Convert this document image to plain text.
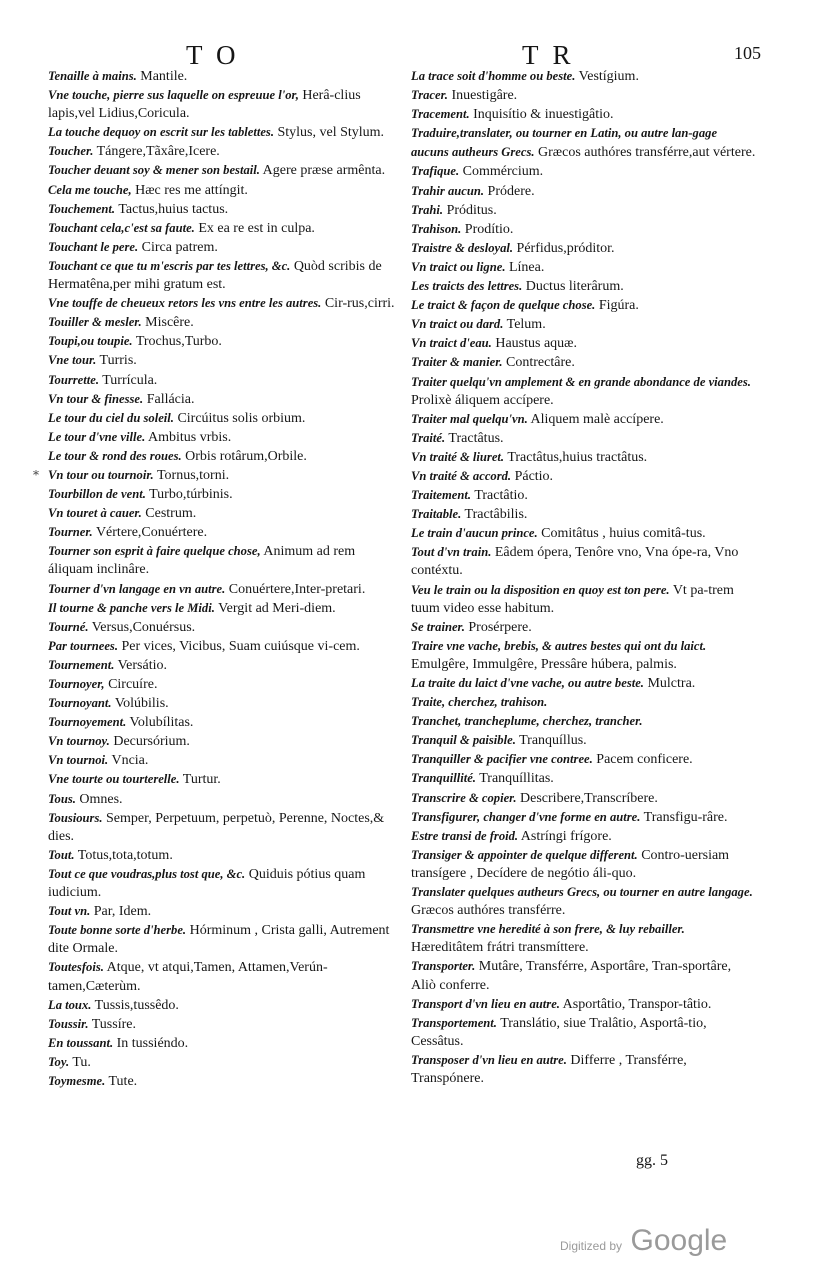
TO	TR	105

Tenaille à mains. Mantile.

Vne touche, pierre sus laquelle on espreuue l'or, Herâ-clius lapis,vel Lidius,Coricula.

La touche dequoy on escrit sur les tablettes. Stylus, vel Stylum.

Toucher. Tángere,Tãxâre,Icere.

Toucher deuant soy & mener son bestail. Agere præse armênta.

Cela me touche, Hæc res me attíngit.

Touchement. Tactus,huius tactus.

Touchant cela,c'est sa faute. Ex ea re est in culpa.

Touchant le pere. Circa patrem.

Touchant ce que tu m'escris par tes lettres, &c. Quòd scribis de Hermatêna,per mihi gratum est.

Vne touffe de cheueux retors les vns entre les autres. Cir-rus,cirri.

Touiller & mesler. Miscêre.

Toupi,ou toupie. Trochus,Turbo.

Vne tour. Turris.

Tourrette. Turrícula.

Vn tour & finesse. Fallácia.

Le tour du ciel du soleil. Circúitus solis orbium.

Le tour d'vne ville. Ambitus vrbis.

Le tour & rond des roues. Orbis rotârum,Orbile.

Vn tour ou tournoir. Tornus,torni.

Tourbillon de vent. Turbo,túrbinis.

Vn touret à cauer. Cestrum.

Tourner. Vértere,Conuértere.

Tourner son esprit à faire quelque chose, Animum ad rem áliquam inclinâre.

Tourner d'vn langage en vn autre. Conuértere,Inter-pretari.

Il tourne & panche vers le Midi. Vergit ad Meri-diem.

Tourné. Versus,Conuérsus.

Par tournees. Per vices, Vicibus, Suam cuiúsque vi-cem.

Tournement. Versátio.

Tournoyer, Circuíre.

Tournoyant. Volúbilis.

Tournoyement. Volubílitas.

Vn tournoy. Decursórium.

Vn tournoi. Vncia.

Vne tourte ou tourterelle. Turtur.

Tous. Omnes.

Tousiours. Semper, Perpetuum, perpetuò, Perenne, Noctes,& dies.

Tout. Totus,tota,totum.

Tout ce que voudras,plus tost que, &c. Quiduis pótius quam iudicium.

Tout vn. Par, Idem.

Toute bonne sorte d'herbe. Hórminum , Crista galli, Autrement dite Ormale.

Toutesfois. Atque, vt atqui,Tamen, Attamen,Verún-tamen,Cæterùm.

La toux. Tussis,tussêdo.

Toussir. Tussíre.

En toussant. In tussiéndo.

Toy. Tu.

Toymesme. Tute.

La trace soit d'homme ou beste. Vestígium.

Tracer. Inuestigâre.

Tracement. Inquisítio & inuestigâtio.

Traduire,translater, ou tourner en Latin, ou autre lan-gage aucuns autheurs Grecs. Græcos authóres transférre,aut vértere.

Trafique. Commércium.

Trahir aucun. Pródere.

Trahi. Próditus.

Trahison. Prodítio.

Traistre & desloyal. Pérfidus,próditor.

Vn traict ou ligne. Línea.

Les traicts des lettres. Ductus literârum.

Le traict & façon de quelque chose. Figúra.

Vn traict ou dard. Telum.

Vn traict d'eau. Haustus aquæ.

Traiter & manier. Contrectâre.

Traiter quelqu'vn amplement & en grande abondance de viandes. Prolixè áliquem accípere.

Traiter mal quelqu'vn. Aliquem malè accípere.

Traité. Tractâtus.

Vn traité & liuret. Tractâtus,huius tractâtus.

Vn traité & accord. Páctio.

Traitement. Tractâtio.

Traitable. Tractâbilis.

Le train d'aucun prince. Comitâtus , huius comitâ-tus.

Tout d'vn train. Eâdem ópera, Tenôre vno, Vna ópe-ra, Vno contéxtu.

Veu le train ou la disposition en quoy est ton pere. Vt pa-trem tuum video esse habitum.

Se trainer. Prosérpere.

Traire vne vache, brebis, & autres bestes qui ont du laict. Emulgêre, Immulgêre, Pressâre húbera, palmis.

La traite du laict d'vne vache, ou autre beste. Mulctra.

Traite, cherchez, trahison.

Tranchet, trancheplume, cherchez, trancher.

Tranquil & paisible. Tranquíllus.

Tranquiller & pacifier vne contree. Pacem conficere.

Tranquillité. Tranquíllitas.

Transcrire & copier. Describere,Transcríbere.

Transfigurer, changer d'vne forme en autre. Transfigu-râre.

Estre transi de froid. Astríngi frígore.

Transiger & appointer de quelque different. Contro-uersiam transígere , Decídere de negótio áli-quo.

Translater quelques autheurs Grecs, ou tourner en autre langage. Græcos authóres transférre.

Transmettre vne heredité à son frere, & luy rebailler. Hæreditâtem frátri transmíttere.

Transporter. Mutâre, Transférre, Asportâre, Tran-sportâre, Aliò conferre.

Transport d'vn lieu en autre. Asportâtio, Transpor-tâtio.

Transportement. Translátio, siue Tralâtio, Asportâ-tio, Cessâtus.

Transposer d'vn lieu en autre. Differre , Transférre, Transpónere.

*
gg. 5
Digitized by Google
